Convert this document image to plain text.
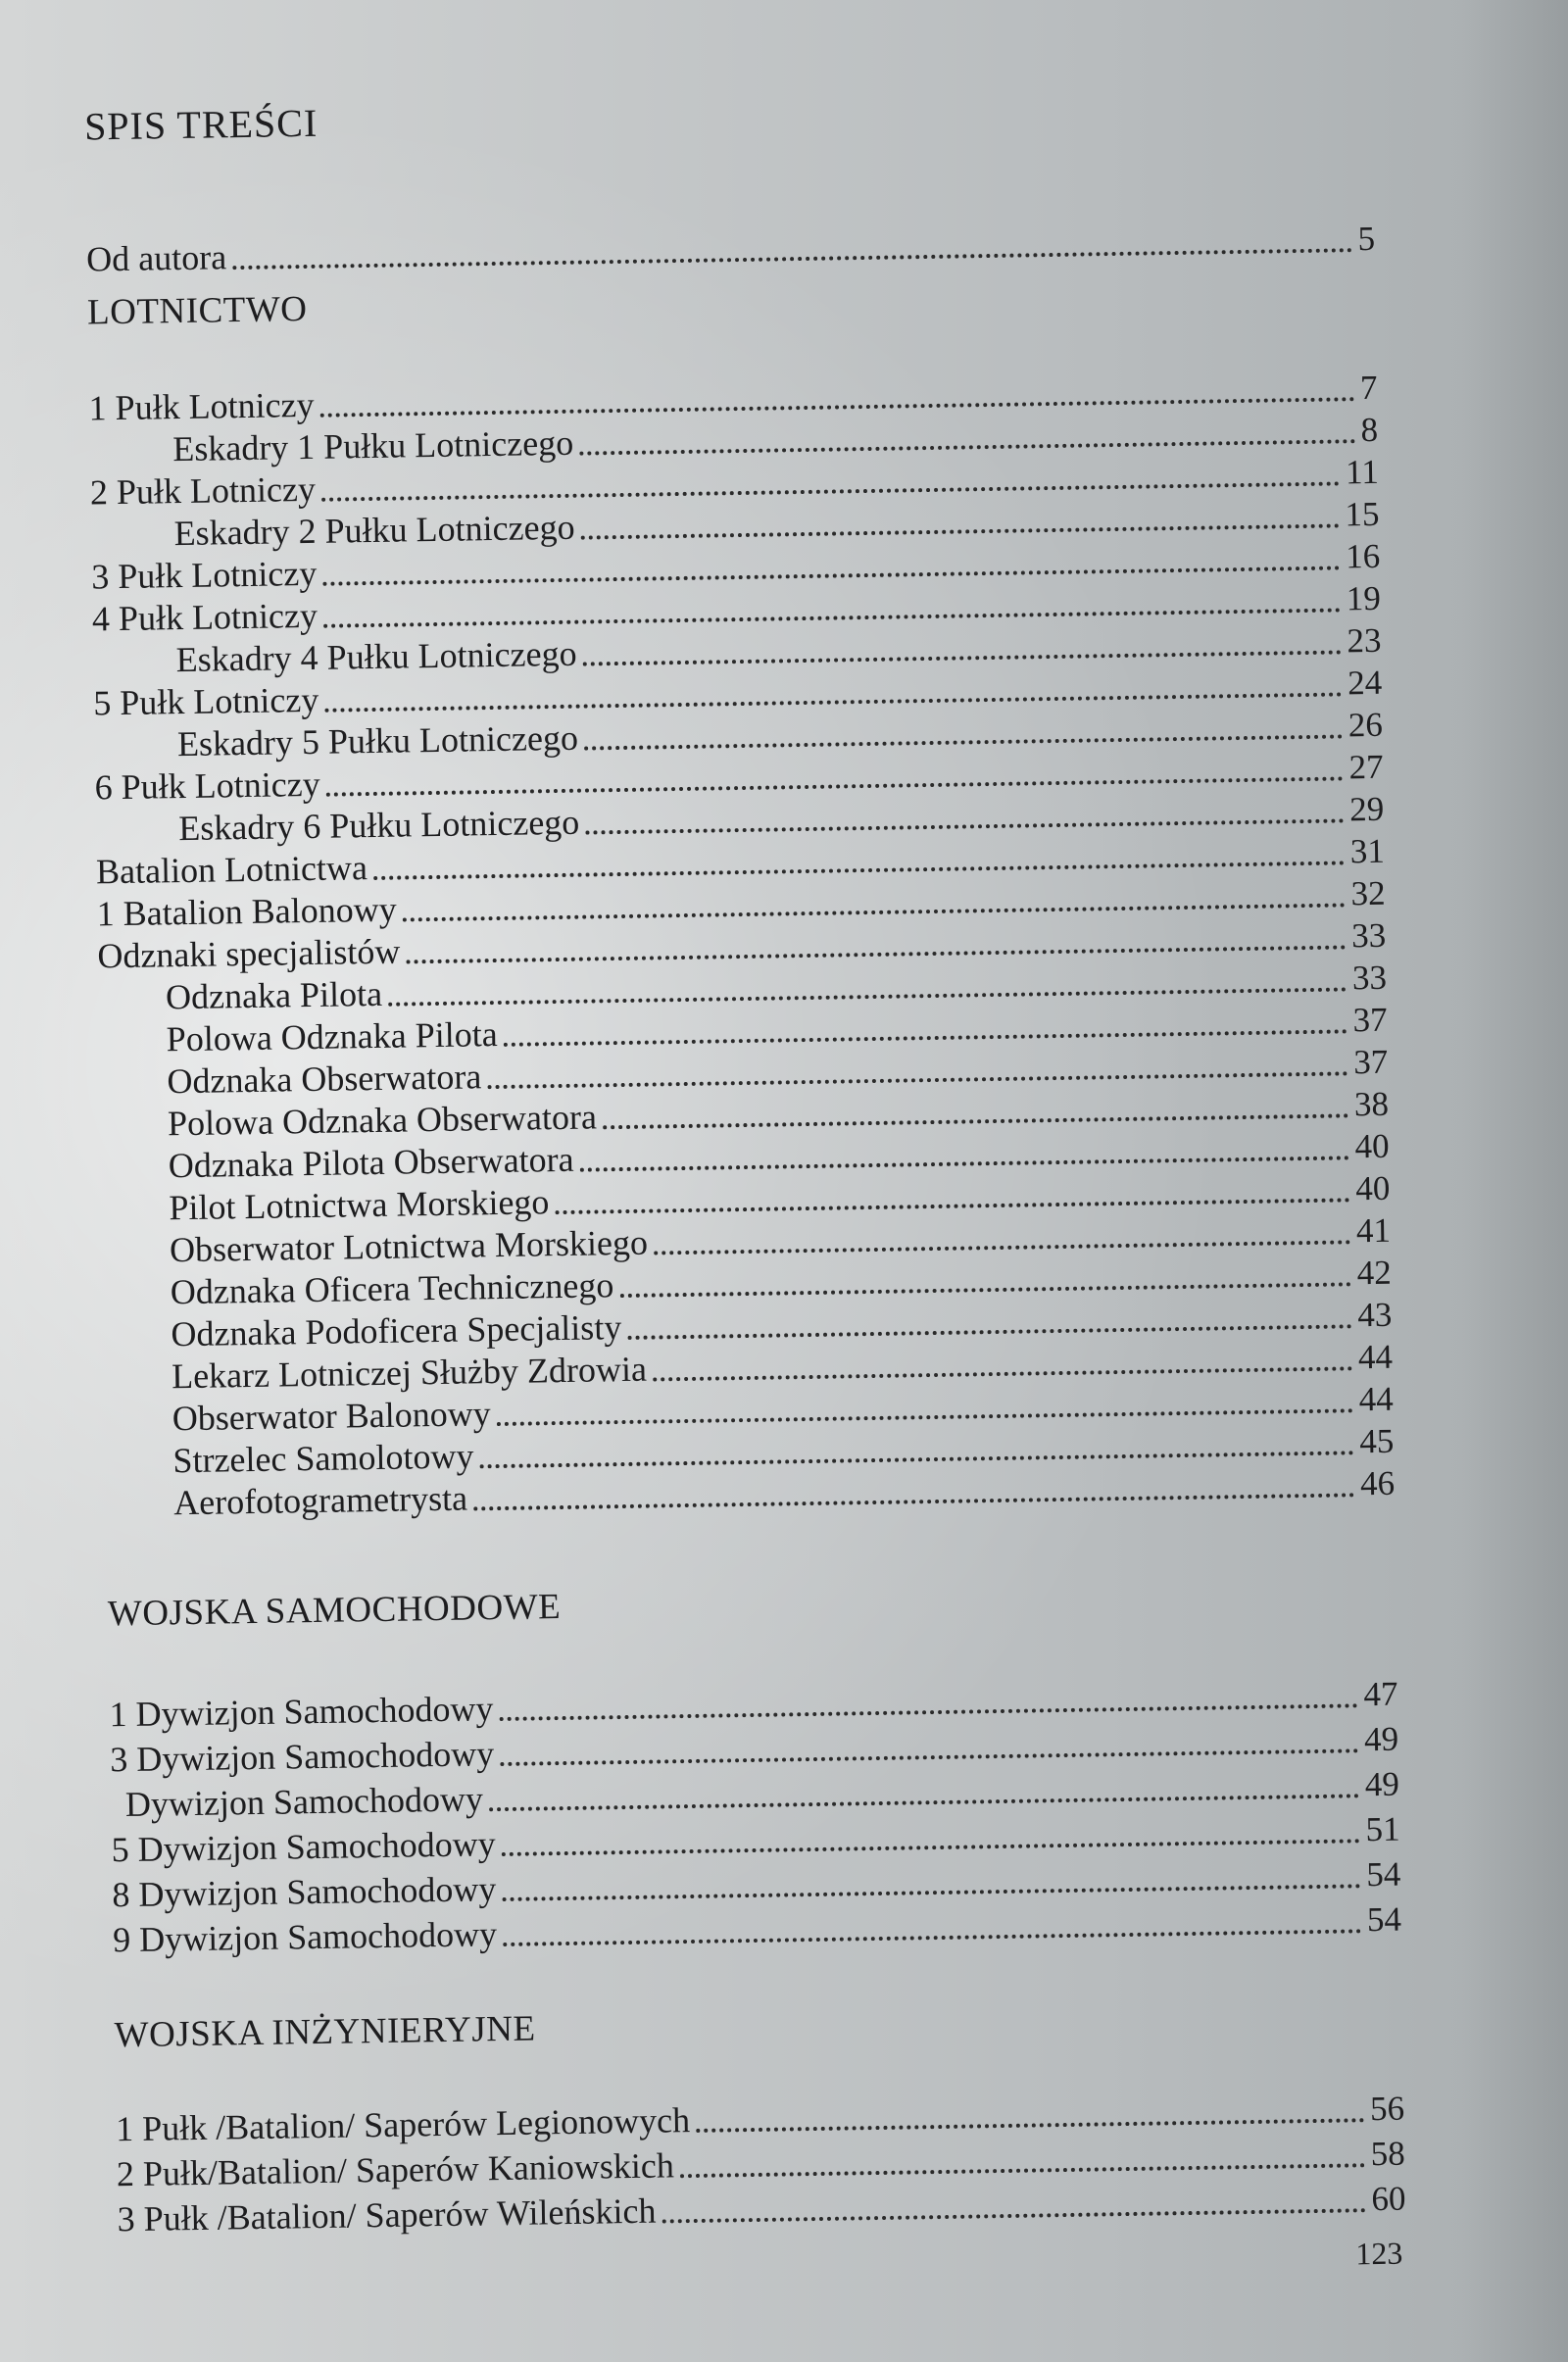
SPIS TREŚCI
Od autora	5
LOTNICTWO
1 Pułk Lotniczy	7
Eskadry 1 Pułku Lotniczego	8
2 Pułk Lotniczy	11
Eskadry 2 Pułku Lotniczego	15
3 Pułk Lotniczy	16
4 Pułk Lotniczy	19
Eskadry 4 Pułku Lotniczego	23
5 Pułk Lotniczy	24
Eskadry 5 Pułku Lotniczego	26
6 Pułk Lotniczy	27
Eskadry 6 Pułku Lotniczego	29
Batalion Lotnictwa	31
1 Batalion Balonowy	32
Odznaki specjalistów	33
Odznaka Pilota	33
Polowa Odznaka Pilota	37
Odznaka Obserwatora	37
Polowa Odznaka Obserwatora	38
Odznaka Pilota Obserwatora	40
Pilot Lotnictwa Morskiego	40
Obserwator Lotnictwa Morskiego	41
Odznaka Oficera Technicznego	42
Odznaka Podoficera Specjalisty	43
Lekarz Lotniczej Służby Zdrowia	44
Obserwator Balonowy	44
Strzelec Samolotowy	45
Aerofotogrametrysta	46
WOJSKA SAMOCHODOWE
1 Dywizjon Samochodowy	47
3 Dywizjon Samochodowy	49
Dywizjon Samochodowy	49
5 Dywizjon Samochodowy	51
8 Dywizjon Samochodowy	54
9 Dywizjon Samochodowy	54
WOJSKA INŻYNIERYJNE
1 Pułk /Batalion/ Saperów Legionowych	56
2 Pułk/Batalion/ Saperów Kaniowskich	58
3 Pułk /Batalion/ Saperów Wileńskich	60
123
